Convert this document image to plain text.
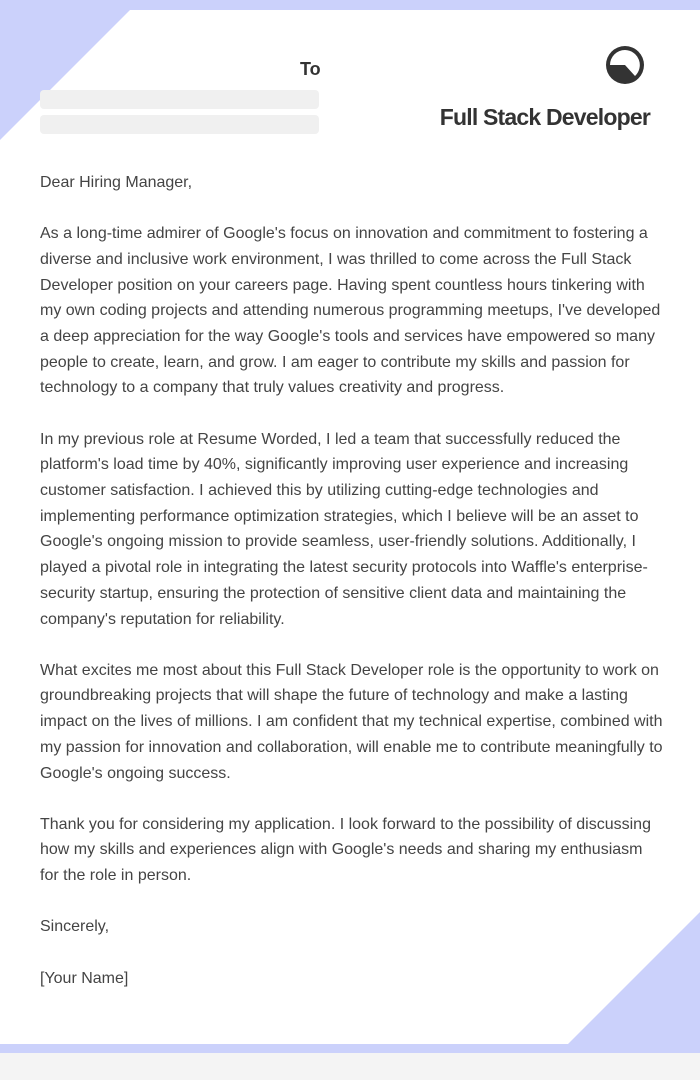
To
Full Stack Developer

Dear Hiring Manager,

As a long-time admirer of Google's focus on innovation and commitment to fostering a diverse and inclusive work environment, I was thrilled to come across the Full Stack Developer position on your careers page. Having spent countless hours tinkering with my own coding projects and attending numerous programming meetups, I've developed a deep appreciation for the way Google's tools and services have empowered so many people to create, learn, and grow. I am eager to contribute my skills and passion for technology to a company that truly values creativity and progress.

In my previous role at Resume Worded, I led a team that successfully reduced the platform's load time by 40%, significantly improving user experience and increasing customer satisfaction. I achieved this by utilizing cutting-edge technologies and implementing performance optimization strategies, which I believe will be an asset to Google's ongoing mission to provide seamless, user-friendly solutions. Additionally, I played a pivotal role in integrating the latest security protocols into Waffle's enterprise-security startup, ensuring the protection of sensitive client data and maintaining the company's reputation for reliability.

What excites me most about this Full Stack Developer role is the opportunity to work on groundbreaking projects that will shape the future of technology and make a lasting impact on the lives of millions. I am confident that my technical expertise, combined with my passion for innovation and collaboration, will enable me to contribute meaningfully to Google's ongoing success.

Thank you for considering my application. I look forward to the possibility of discussing how my skills and experiences align with Google's needs and sharing my enthusiasm for the role in person.

Sincerely,

[Your Name]
